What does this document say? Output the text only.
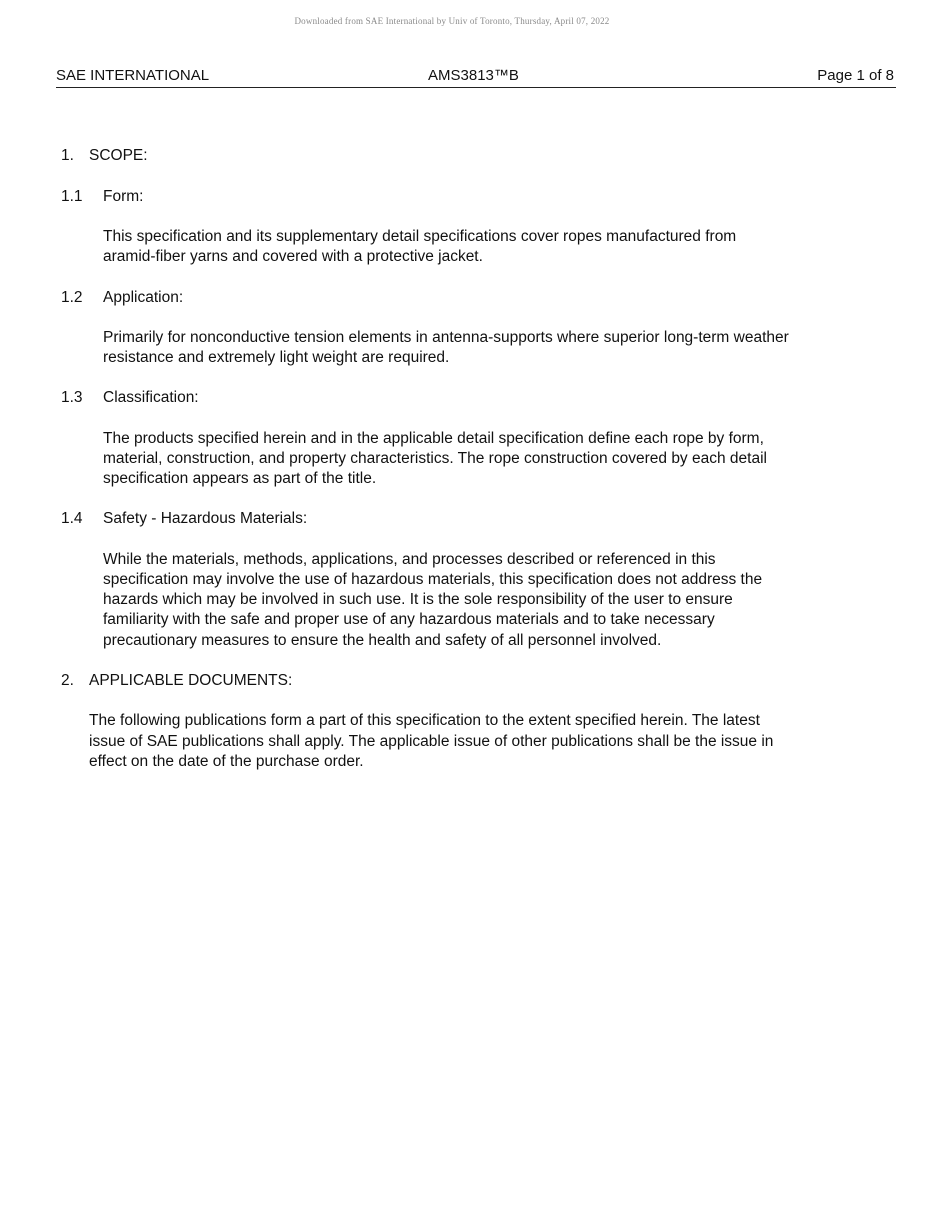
Downloaded from SAE International by Univ of Toronto, Thursday, April 07, 2022
SAE INTERNATIONAL	AMS3813™B	Page 1 of 8
1. SCOPE:
1.1 Form:
This specification and its supplementary detail specifications cover ropes manufactured from
aramid-fiber yarns and covered with a protective jacket.
1.2 Application:
Primarily for nonconductive tension elements in antenna-supports where superior long-term weather
resistance and extremely light weight are required.
1.3 Classification:
The products specified herein and in the applicable detail specification define each rope by form,
material, construction, and property characteristics. The rope construction covered by each detail
specification appears as part of the title.
1.4 Safety - Hazardous Materials:
While the materials, methods, applications, and processes described or referenced in this
specification may involve the use of hazardous materials, this specification does not address the
hazards which may be involved in such use. It is the sole responsibility of the user to ensure
familiarity with the safe and proper use of any hazardous materials and to take necessary
precautionary measures to ensure the health and safety of all personnel involved.
2. APPLICABLE DOCUMENTS:
The following publications form a part of this specification to the extent specified herein. The latest
issue of SAE publications shall apply. The applicable issue of other publications shall be the issue in
effect on the date of the purchase order.
